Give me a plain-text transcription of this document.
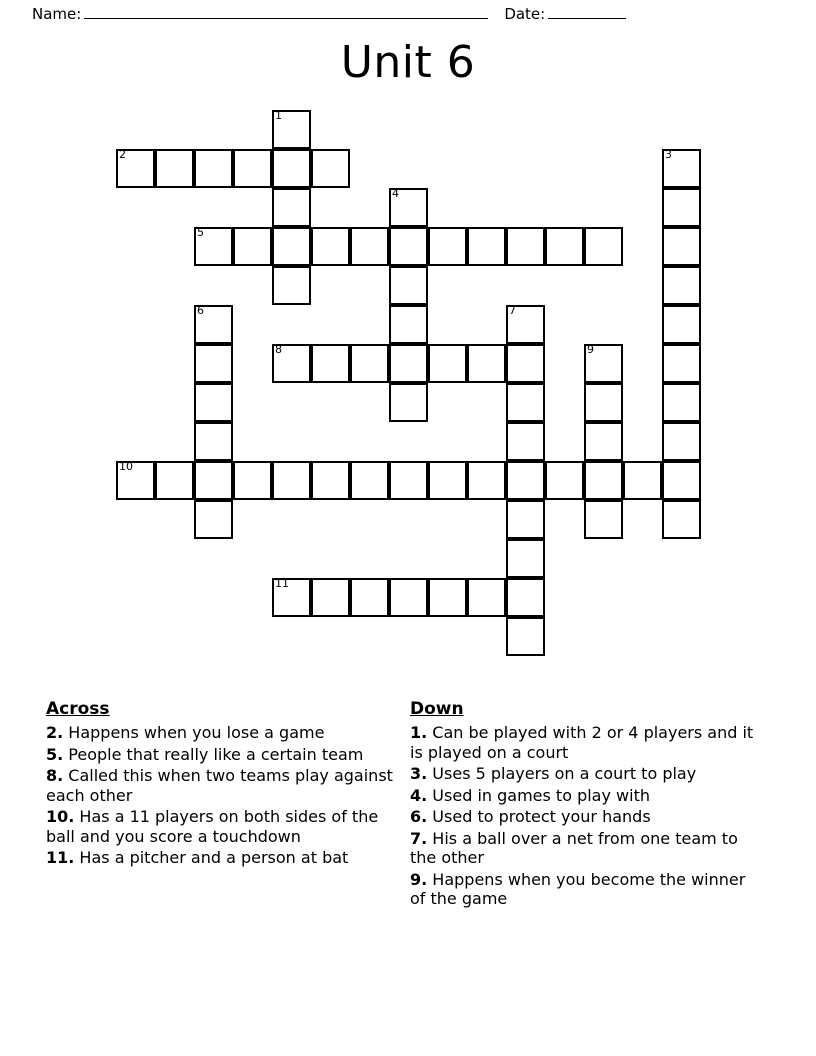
Name:	Date:
Unit 6
1
2	3
4
5
6	7
8	9
10
11
Across
2. Happens when you lose a game
5. People that really like a certain team
8. Called this when two teams play against each other
10. Has a 11 players on both sides of the ball and you score a touchdown
11. Has a pitcher and a person at bat
Down
1. Can be played with 2 or 4 players and it is played on a court
3. Uses 5 players on a court to play
4. Used in games to play with
6. Used to protect your hands
7. His a ball over a net from one team to the other
9. Happens when you become the winner of the game
